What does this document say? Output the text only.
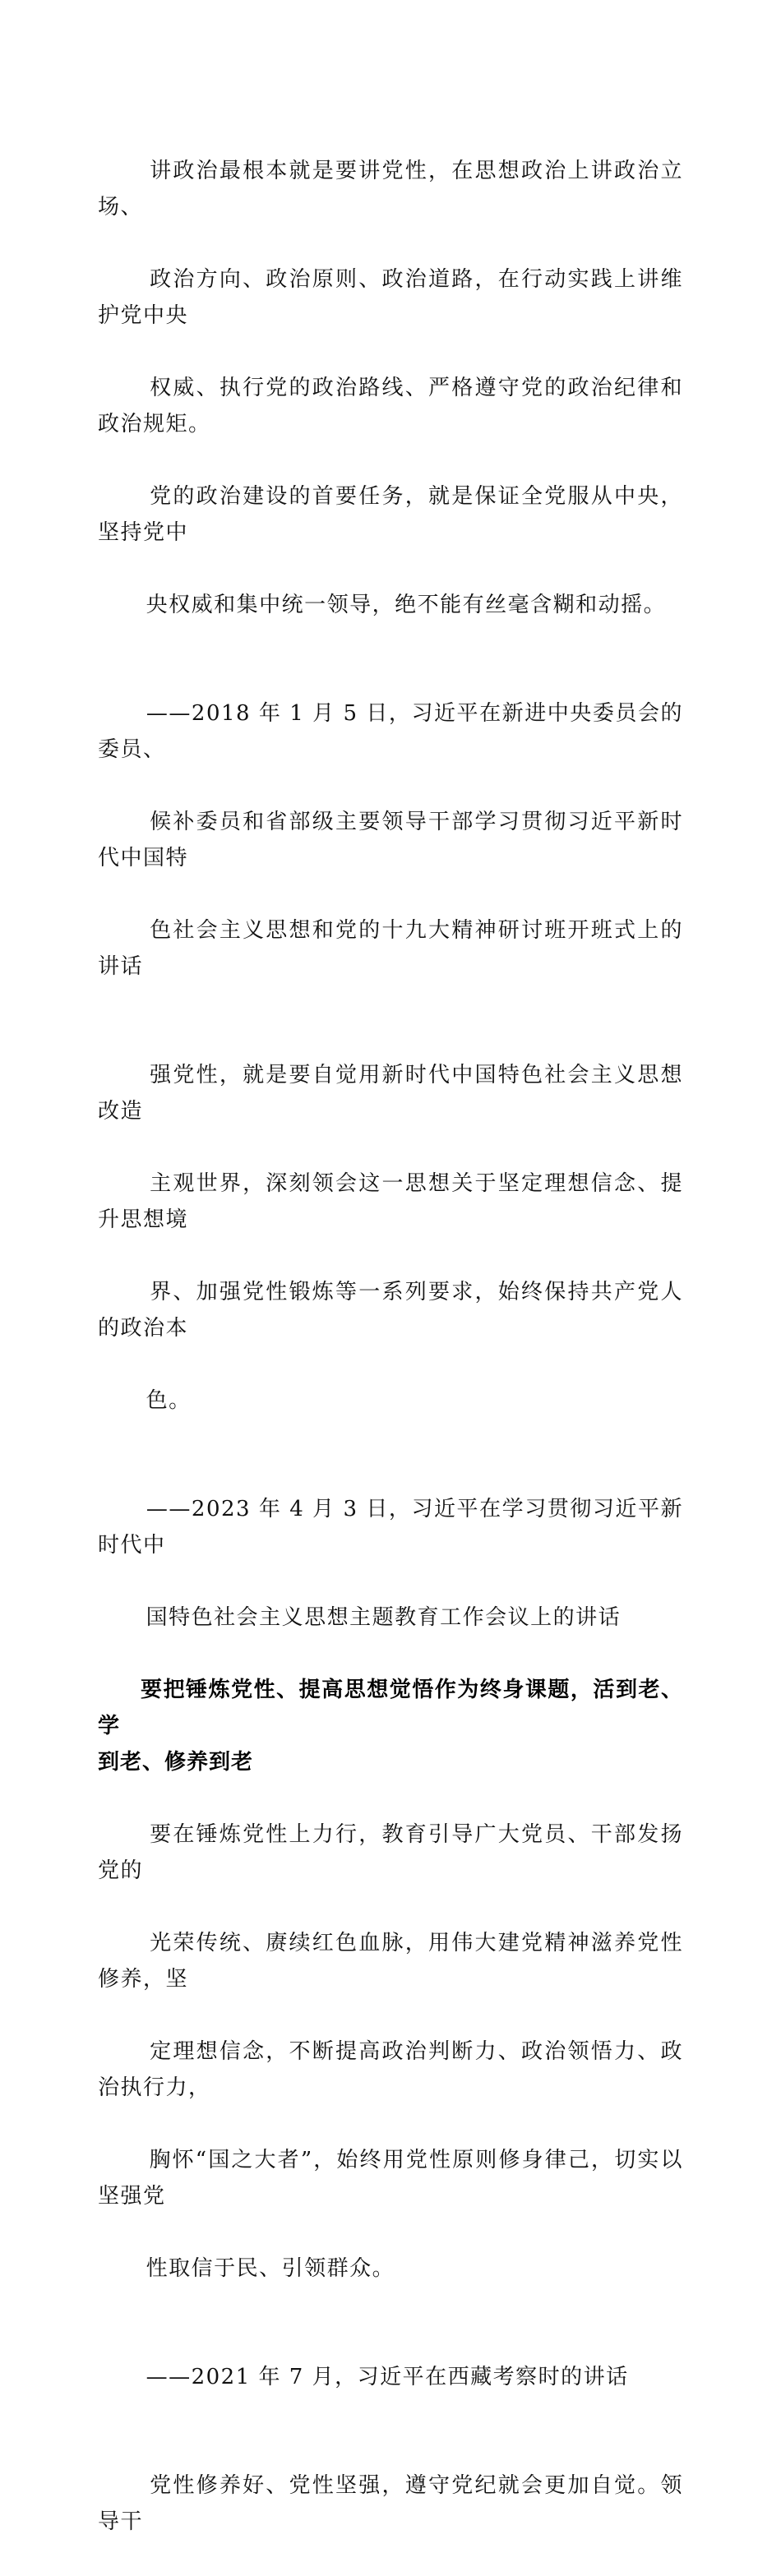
讲政治最根本就是要讲党性，在思想政治上讲政治立场、

政治方向、政治原则、政治道路，在行动实践上讲维护党中央

权威、执行党的政治路线、严格遵守党的政治纪律和政治规矩。

党的政治建设的首要任务，就是保证全党服从中央，坚持党中

央权威和集中统一领导，绝不能有丝毫含糊和动摇。

——2018 年 1 月 5 日，习近平在新进中央委员会的委员、

候补委员和省部级主要领导干部学习贯彻习近平新时代中国特

色社会主义思想和党的十九大精神研讨班开班式上的讲话

强党性，就是要自觉用新时代中国特色社会主义思想改造

主观世界，深刻领会这一思想关于坚定理想信念、提升思想境

界、加强党性锻炼等一系列要求，始终保持共产党人的政治本

色。

——2023 年 4 月 3 日，习近平在学习贯彻习近平新时代中

国特色社会主义思想主题教育工作会议上的讲话

要把锤炼党性、提高思想觉悟作为终身课题，活到老、学
到老、修养到老

要在锤炼党性上力行，教育引导广大党员、干部发扬党的

光荣传统、赓续红色血脉，用伟大建党精神滋养党性修养，坚

定理想信念，不断提高政治判断力、政治领悟力、政治执行力，

胸怀“国之大者”，始终用党性原则修身律己，切实以坚强党

性取信于民、引领群众。

——2021 年 7 月，习近平在西藏考察时的讲话

党性修养好、党性坚强，遵守党纪就会更加自觉。领导干
